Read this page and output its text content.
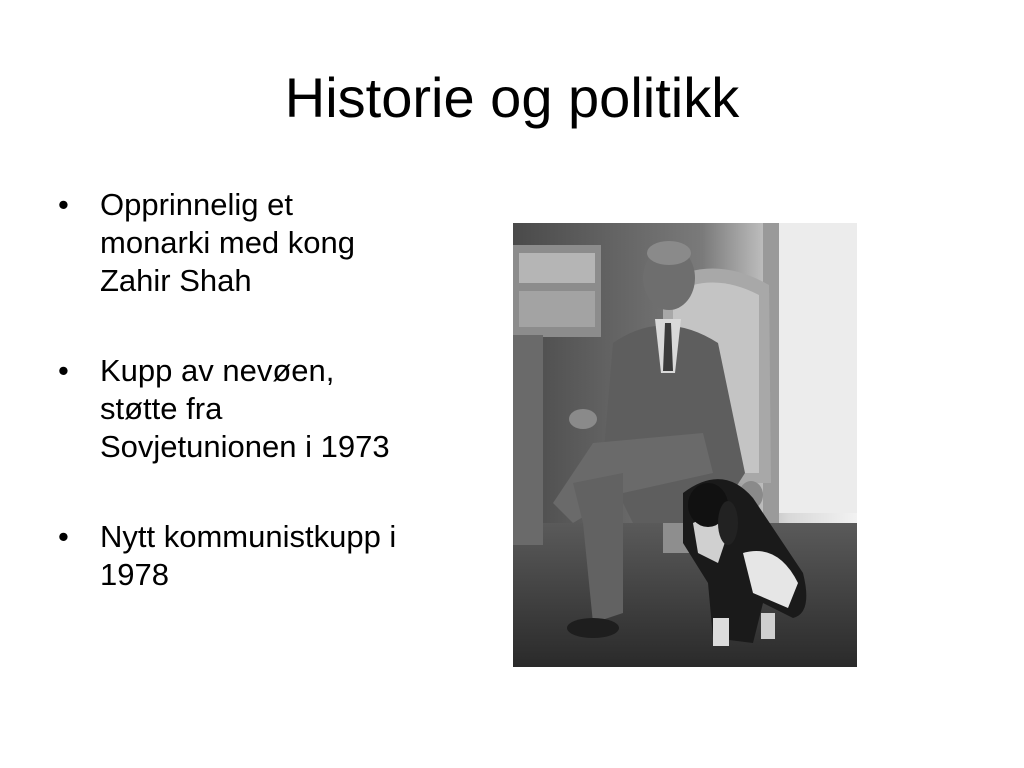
Historie og politikk
•	Opprinnelig et
monarki med kong
Zahir Shah
•	Kupp av nevøen,
støtte fra
Sovjetunionen i 1973
•	Nytt kommunistkupp i
1978
